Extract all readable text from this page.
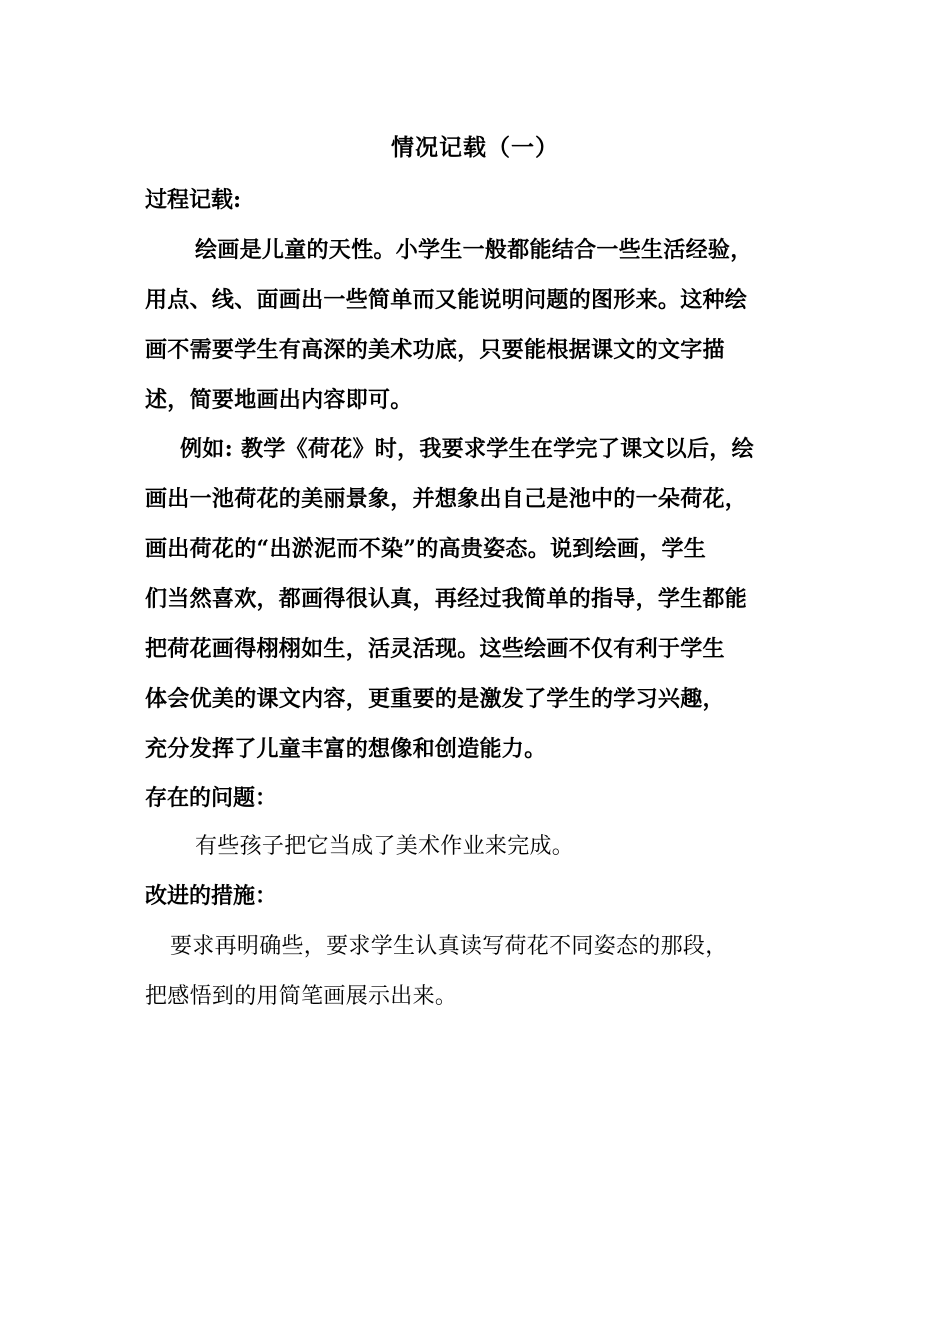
情况记载（一）
过程记载:
绘画是儿童的天性。小学生一般都能结合一些生活经验，
用点、线、面画出一些简单而又能说明问题的图形来。这种绘
画不需要学生有高深的美术功底，只要能根据课文的文字描
述，简要地画出内容即可。
例如: 教学《荷花》时，我要求学生在学完了课文以后，绘
画出一池荷花的美丽景象，并想象出自己是池中的一朵荷花，
画出荷花的“出淤泥而不染”的高贵姿态。说到绘画，学生
们当然喜欢，都画得很认真，再经过我简单的指导，学生都能
把荷花画得栩栩如生，活灵活现。这些绘画不仅有利于学生
体会优美的课文内容，更重要的是激发了学生的学习兴趣，
充分发挥了儿童丰富的想像和创造能力。
存在的问题：
有些孩子把它当成了美术作业来完成。
改进的措施：
要求再明确些，要求学生认真读写荷花不同姿态的那段，
把感悟到的用简笔画展示出来。
